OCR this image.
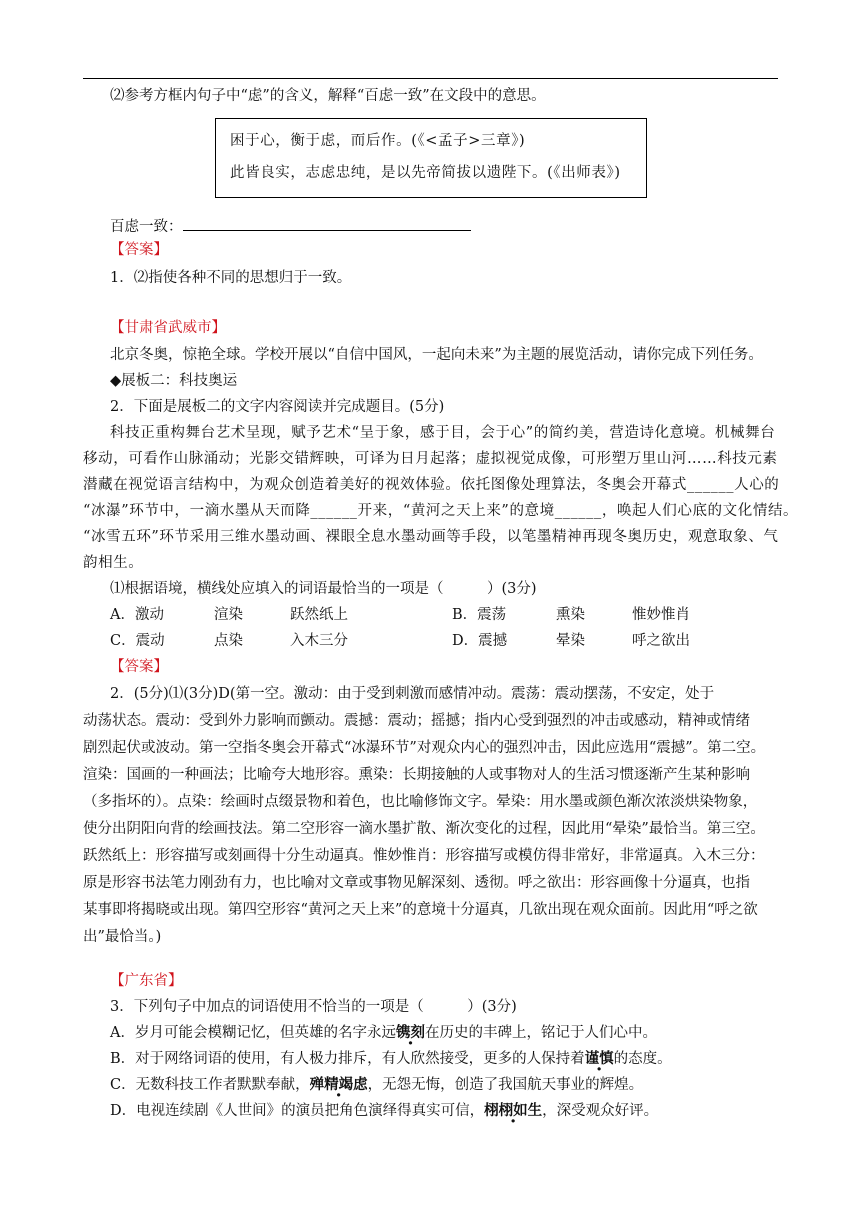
⑵参考方框内句子中“虑”的含义，解释“百虑一致”在文段中的意思。
困于心，衡于虑，而后作。(《<孟子>三章》)
此皆良实，志虑忠纯，是以先帝简拔以遗陛下。(《出师表》)
百虑一致：
【答案】
1．⑵指使各种不同的思想归于一致。
【甘肃省武威市】
北京冬奥，惊艳全球。学校开展以“自信中国风，一起向未来”为主题的展览活动，请你完成下列任务。
◆展板二：科技奥运
2．下面是展板二的文字内容阅读并完成题目。(5分)
科技正重构舞台艺术呈现，赋予艺术“呈于象，感于目，会于心”的简约美，营造诗化意境。机械舞台
移动，可看作山脉涌动；光影交错辉映，可译为日月起落；虚拟视觉成像，可形塑万里山河……科技元素
潜藏在视觉语言结构中，为观众创造着美好的视效体验。依托图像处理算法，冬奥会开幕式______人心的
“冰瀑”环节中，一滴水墨从天而降______开来，“黄河之天上来”的意境______，唤起人们心底的文化情结。
“冰雪五环”环节采用三维水墨动画、裸眼全息水墨动画等手段，以笔墨精神再现冬奥历史，观意取象、气
韵相生。
⑴根据语境，横线处应填入的词语最恰当的一项是（　　　）(3分)
A．激动	渲染	跃然纸上	B．震荡	熏染	惟妙惟肖
C．震动	点染	入木三分	D．震撼	晕染	呼之欲出
【答案】
2．(5分)⑴(3分)D(第一空。激动：由于受到刺激而感情冲动。震荡：震动摆荡，不安定，处于
动荡状态。震动：受到外力影响而颤动。震撼：震动；摇撼；指内心受到强烈的冲击或感动，精神或情绪
剧烈起伏或波动。第一空指冬奥会开幕式“冰瀑环节”对观众内心的强烈冲击，因此应选用“震撼”。第二空。
渲染：国画的一种画法；比喻夸大地形容。熏染：长期接触的人或事物对人的生活习惯逐渐产生某种影响
（多指坏的）。点染：绘画时点缀景物和着色，也比喻修饰文字。晕染：用水墨或颜色渐次浓淡烘染物象，
使分出阴阳向背的绘画技法。第二空形容一滴水墨扩散、渐次变化的过程，因此用“晕染”最恰当。第三空。
跃然纸上：形容描写或刻画得十分生动逼真。惟妙惟肖：形容描写或模仿得非常好，非常逼真。入木三分：
原是形容书法笔力刚劲有力，也比喻对文章或事物见解深刻、透彻。呼之欲出：形容画像十分逼真，也指
某事即将揭晓或出现。第四空形容“黄河之天上来”的意境十分逼真，几欲出现在观众面前。因此用“呼之欲
出”最恰当。)
【广东省】
3．下列句子中加点的词语使用不恰当的一项是（　　　）(3分)
A．岁月可能会模糊记忆，但英雄的名字永远镌刻在历史的丰碑上，铭记于人们心中。
B．对于网络词语的使用，有人极力排斥，有人欣然接受，更多的人保持着谨慎的态度。
C．无数科技工作者默默奉献，殚精竭虑，无怨无悔，创造了我国航天事业的辉煌。
D．电视连续剧《人世间》的演员把角色演绎得真实可信，栩栩如生，深受观众好评。
